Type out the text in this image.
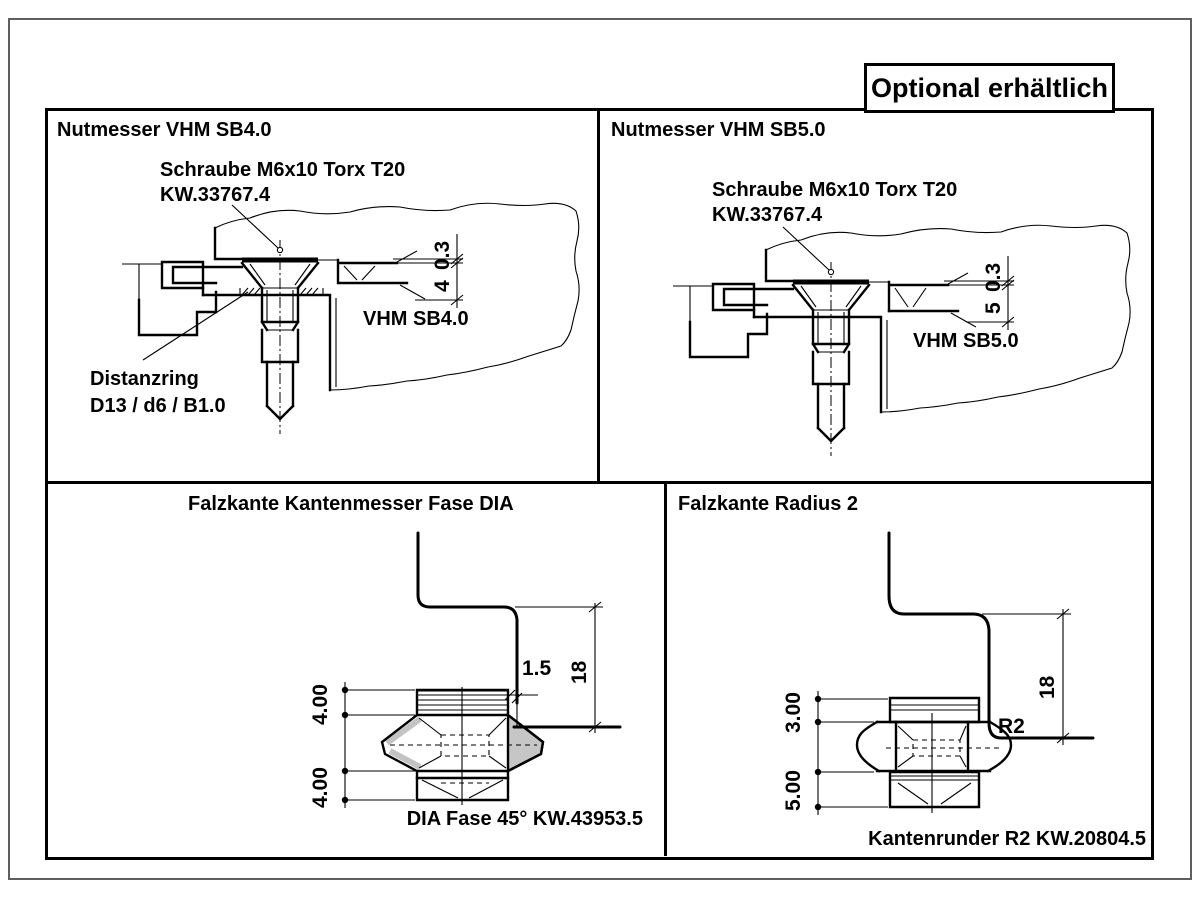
Optional erhältlich
Nutmesser VHM SB4.0
Schraube M6x10 Torx T20
KW.33767.4
0.3
4
VHM SB4.0
Distanzring
D13 / d6 / B1.0
Nutmesser VHM SB5.0
Schraube M6x10 Torx T20
KW.33767.4
0.3
5
VHM SB5.0
Falzkante Kantenmesser Fase DIA
4.00
4.00
1.5 18
DIA Fase 45° KW.43953.5
Falzkante Radius 2
3.00
5.00
R2
18
Kantenrunder R2 KW.20804.5
